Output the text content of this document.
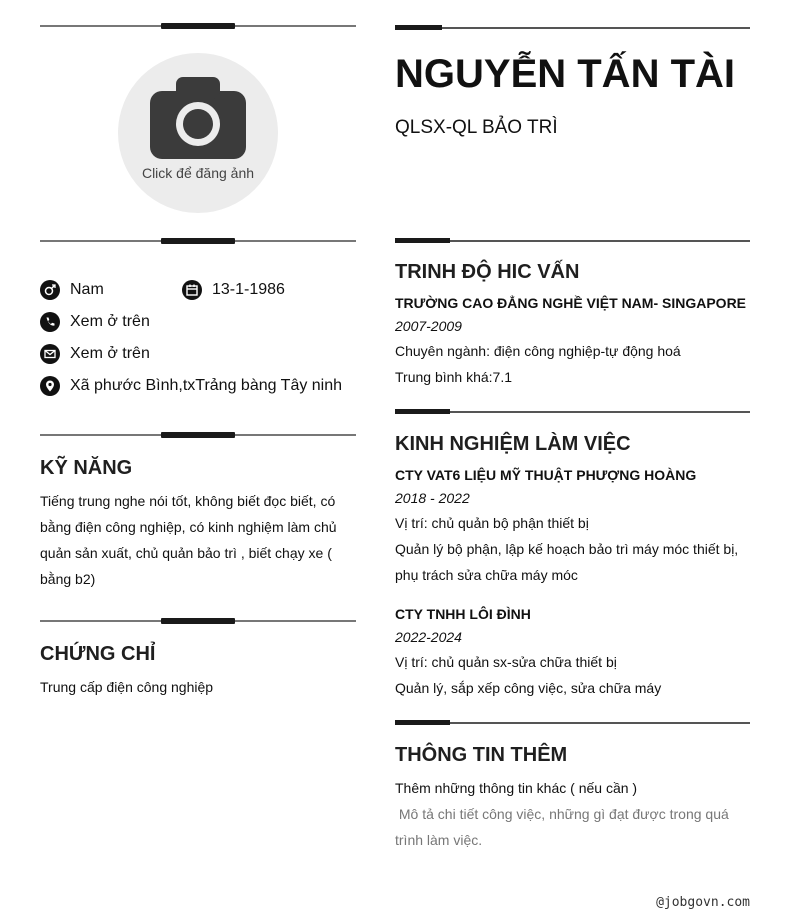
Click để đăng ảnh
Nam	13-1-1986
Xem ở trên
Xem ở trên
Xã phước Bình,txTrảng bàng Tây ninh
KỸ NĂNG
Tiếng trung nghe nói tốt, không biết đọc biết, có
bằng điện công nghiệp, có kinh nghiệm làm chủ
quản sản xuất, chủ quản bảo trì , biết chạy xe (
bằng b2)
CHỨNG CHỈ
Trung cấp điện công nghiệp
NGUYỄN TẤN TÀI
QLSX-QL BẢO TRÌ
TRINH ĐỘ HIC VẤN
TRƯỜNG CAO ĐẲNG NGHỀ VIỆT NAM- SINGAPORE
2007-2009
Chuyên ngành: điện công nghiệp-tự động hoá
Trung bình khá:7.1
KINH NGHIỆM LÀM VIỆC
CTY VAT6 LIỆU MỸ THUẬT PHƯỢNG HOÀNG
2018 - 2022
Vị trí: chủ quản bộ phận thiết bị
Quản lý bộ phận, lập kế hoạch bảo trì máy móc thiết bị,
phụ trách sửa chữa máy móc
CTY TNHH LÔI ĐÌNH
2022-2024
Vị trí: chủ quản sx-sửa chữa thiết bị
Quản lý, sắp xếp công việc, sửa chữa máy
THÔNG TIN THÊM
Thêm những thông tin khác ( nếu cần )
Mô tả chi tiết công việc, những gì đạt được trong quá
trình làm việc.
@jobgovn.com
